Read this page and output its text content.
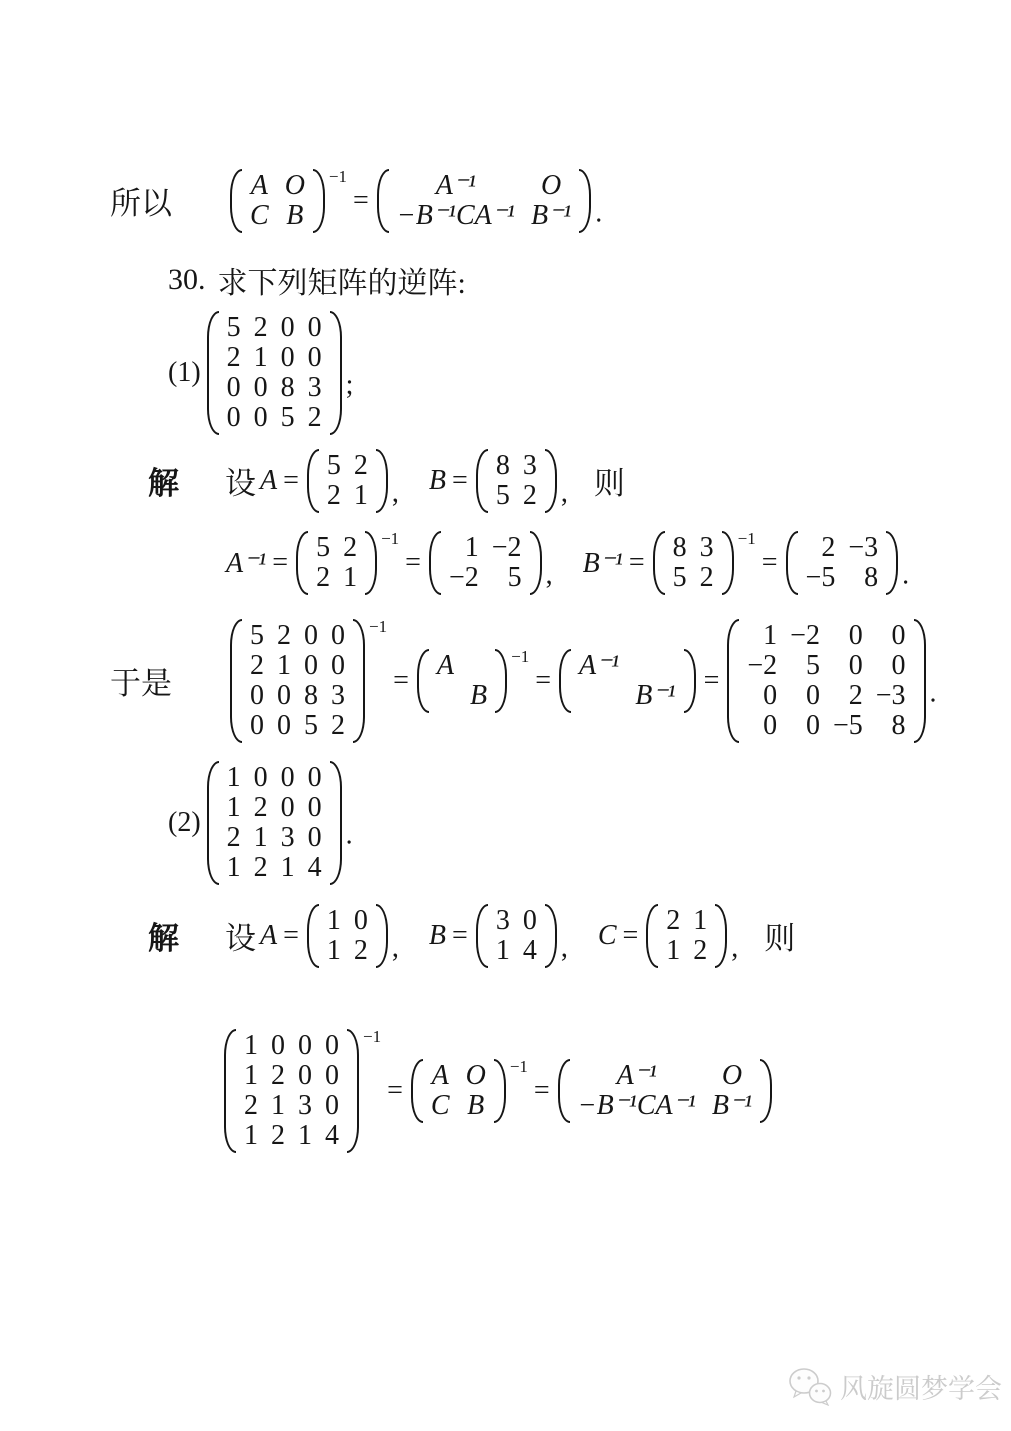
所以
A O
C B
$^{-1}$
= A⁻¹ O
−B⁻¹CA⁻¹ B⁻¹ .
30. 求下列矩阵的逆阵:
(1)
5 2 0 0
2 1 0 0
0 0 8 3
0 0 5 2
;
解 设 A = 5 2
2 1 , B = 8 3
5 2 , 则
A⁻¹ = 5 2
2 1
$^{-1}$
= 1 −2
−2 5 , B⁻¹ = 8 3
5 2
$^{-1}$
= 2 −3
−5 8 .
于是
5 2 0 0
2 1 0 0
0 0 8 3
0 0 5 2
$^{-1}$
= A
B
$^{-1}$
= A⁻¹
B⁻¹ =
1 −2 0 0
−2 5 0 0
0 0 2 −3
0 0 −5 8
.
(2)
1 0 0 0
1 2 0 0
2 1 3 0
1 2 1 4
.
解 设 A = 1 0
1 2 , B = 3 0
1 4 , C = 2 1
1 2 , 则
1 0 0 0
1 2 0 0
2 1 3 0
1 2 1 4
$^{-1}$
= A O
C B
$^{-1}$
= A⁻¹ O
−B⁻¹CA⁻¹ B⁻¹
风旋圆梦学会
